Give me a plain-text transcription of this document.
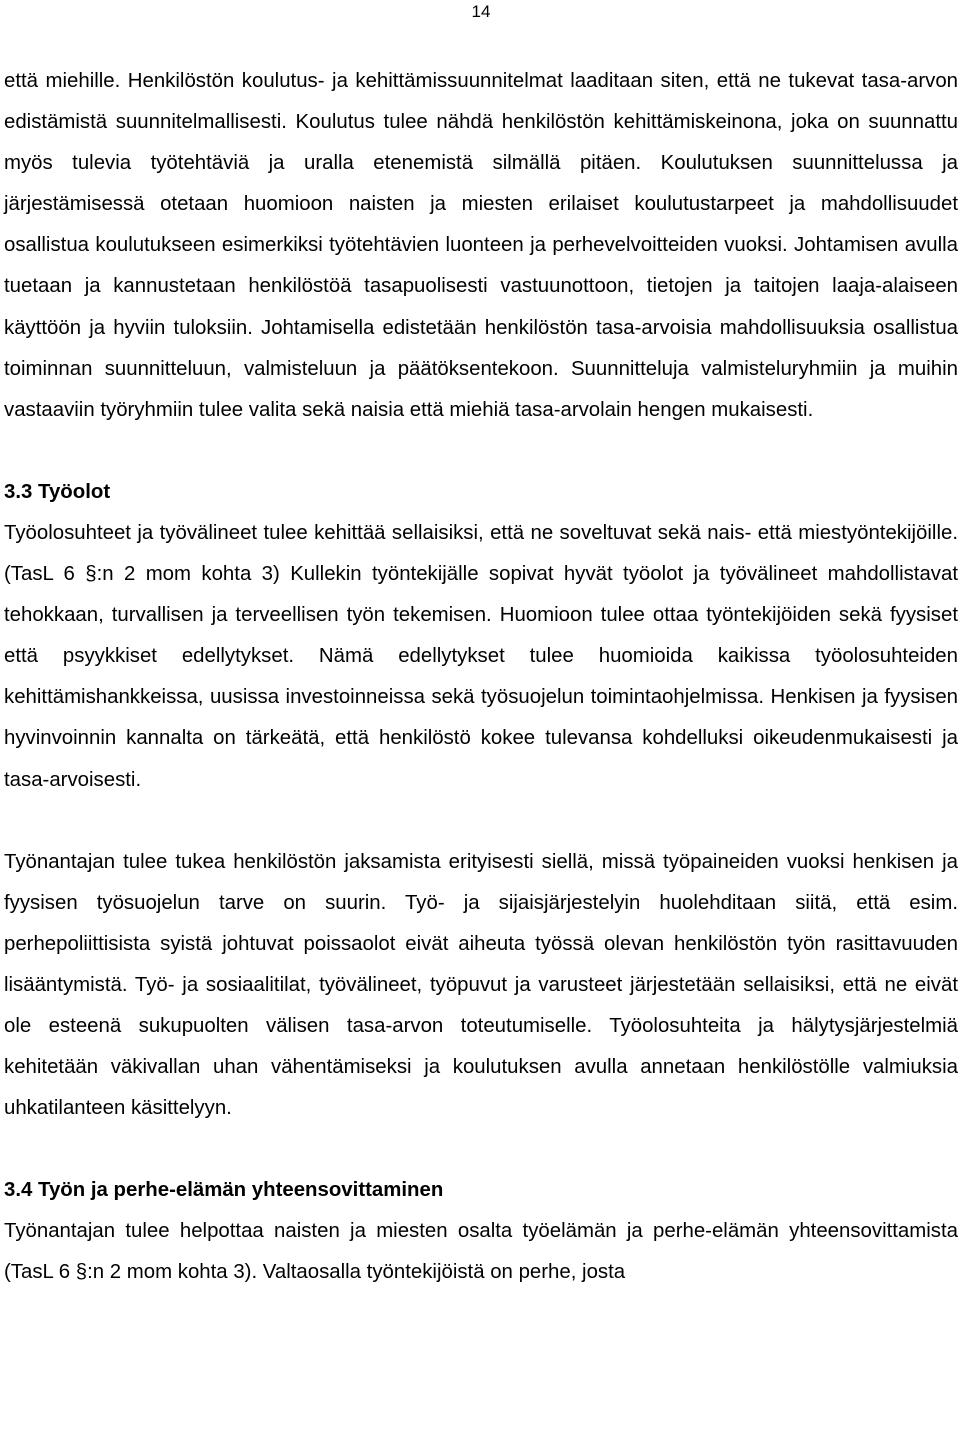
14

että miehille. Henkilöstön koulutus- ja kehittämissuunnitelmat laaditaan siten, että ne tukevat tasa-arvon edistämistä suunnitelmallisesti. Koulutus tulee nähdä henkilöstön kehittämiskeinona, joka on suunnattu myös tulevia työtehtäviä ja uralla etenemistä silmällä pitäen. Koulutuksen suunnittelussa ja järjestämisessä otetaan huomioon naisten ja miesten erilaiset koulutustarpeet ja mahdollisuudet osallistua koulutukseen esimerkiksi työtehtävien luonteen ja perhevelvoitteiden vuoksi. Johtamisen avulla tuetaan ja kannustetaan henkilöstöä tasapuolisesti vastuunottoon, tietojen ja taitojen laaja-alaiseen käyttöön ja hyviin tuloksiin. Johtamisella edistetään henkilöstön tasa-arvoisia mahdollisuuksia osallistua toiminnan suunnitteluun, valmisteluun ja päätöksentekoon. Suunnitteluja valmisteluryhmiin ja muihin vastaaviin työryhmiin tulee valita sekä naisia että miehiä tasa-arvolain hengen mukaisesti.

3.3 Työolot

Työolosuhteet ja työvälineet tulee kehittää sellaisiksi, että ne soveltuvat sekä nais- että miestyöntekijöille. (TasL 6 §:n 2 mom kohta 3) Kullekin työntekijälle sopivat hyvät työolot ja työvälineet mahdollistavat tehokkaan, turvallisen ja terveellisen työn tekemisen. Huomioon tulee ottaa työntekijöiden sekä fyysiset että psyykkiset edellytykset. Nämä edellytykset tulee huomioida kaikissa työolosuhteiden kehittämishankkeissa, uusissa investoinneissa sekä työsuojelun toimintaohjelmissa. Henkisen ja fyysisen hyvinvoinnin kannalta on tärkeätä, että henkilöstö kokee tulevansa kohdelluksi oikeudenmukaisesti ja tasa-arvoisesti.

Työnantajan tulee tukea henkilöstön jaksamista erityisesti siellä, missä työpaineiden vuoksi henkisen ja fyysisen työsuojelun tarve on suurin. Työ- ja sijaisjärjestelyin huolehditaan siitä, että esim. perhepoliittisista syistä johtuvat poissaolot eivät aiheuta työssä olevan henkilöstön työn rasittavuuden lisääntymistä. Työ- ja sosiaalitilat, työvälineet, työpuvut ja varusteet järjestetään sellaisiksi, että ne eivät ole esteenä sukupuolten välisen tasa-arvon toteutumiselle. Työolosuhteita ja hälytysjärjestelmiä kehitetään väkivallan uhan vähentämiseksi ja koulutuksen avulla annetaan henkilöstölle valmiuksia uhkatilanteen käsittelyyn.

3.4 Työn ja perhe-elämän yhteensovittaminen

Työnantajan tulee helpottaa naisten ja miesten osalta työelämän ja perhe-elämän yhteensovittamista (TasL 6 §:n 2 mom kohta 3). Valtaosalla työntekijöistä on perhe, josta
